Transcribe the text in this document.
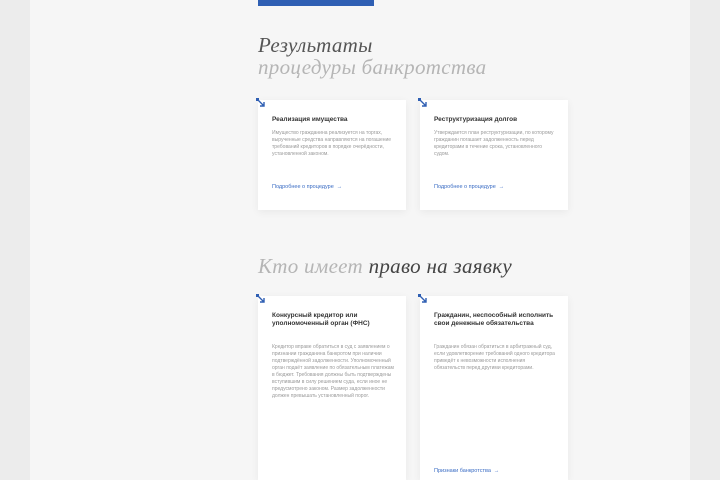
Результаты
процедуры банкротства
Реализация имущества
Имущество гражданина реализуется на торгах, вырученные средства направляются на погашение требований кредиторов в порядке очерёдности, установленной законом.
Подробнее о процедуре →
Реструктуризация долгов
Утверждается план реструктуризации, по которому гражданин погашает задолженность перед кредиторами в течение срока, установленного судом.
Подробнее о процедуре →
Кто имеет право на заявку
Конкурсный кредитор или уполномоченный орган (ФНС)
Кредитор вправе обратиться в суд с заявлением о признании гражданина банкротом при наличии подтверждённой задолженности. Уполномоченный орган подаёт заявление по обязательным платежам в бюджет. Требования должны быть подтверждены вступившим в силу решением суда, если иное не предусмотрено законом. Размер задолженности должен превышать установленный порог.
Гражданин, неспособный исполнить свои денежные обязательства
Гражданин обязан обратиться в арбитражный суд, если удовлетворение требований одного кредитора приведёт к невозможности исполнения обязательств перед другими кредиторами.
Признаки банкротства →
